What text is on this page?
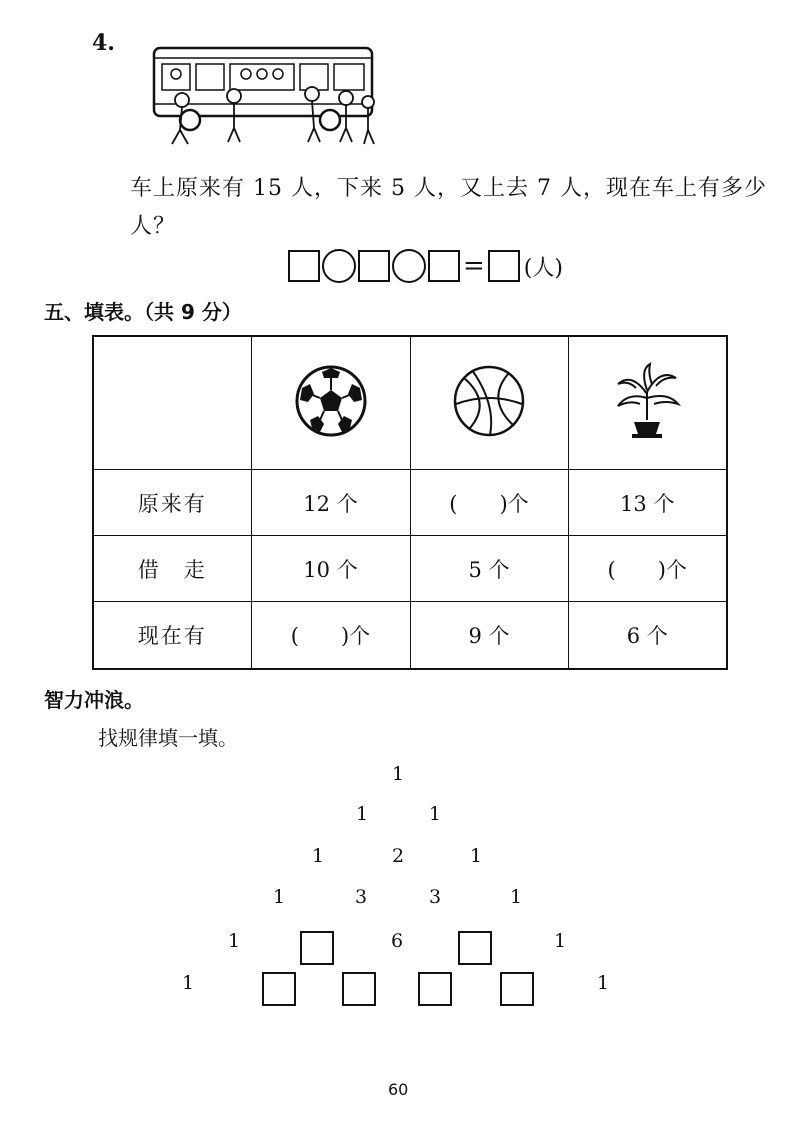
4.
车上原来有 15 人，下来 5 人，又上去 7 人，现在车上有多少人？
= (人)
五、填表。（共 9 分）

原来有	12 个	(　　)个	13 个
借　走	10 个	5 个	(　　)个
现在有	(　　)个	9 个	6 个
智力冲浪。
找规律填一填。
1
1	1
1	2	1
1	3	3	1
1	6	1
1	1
60
